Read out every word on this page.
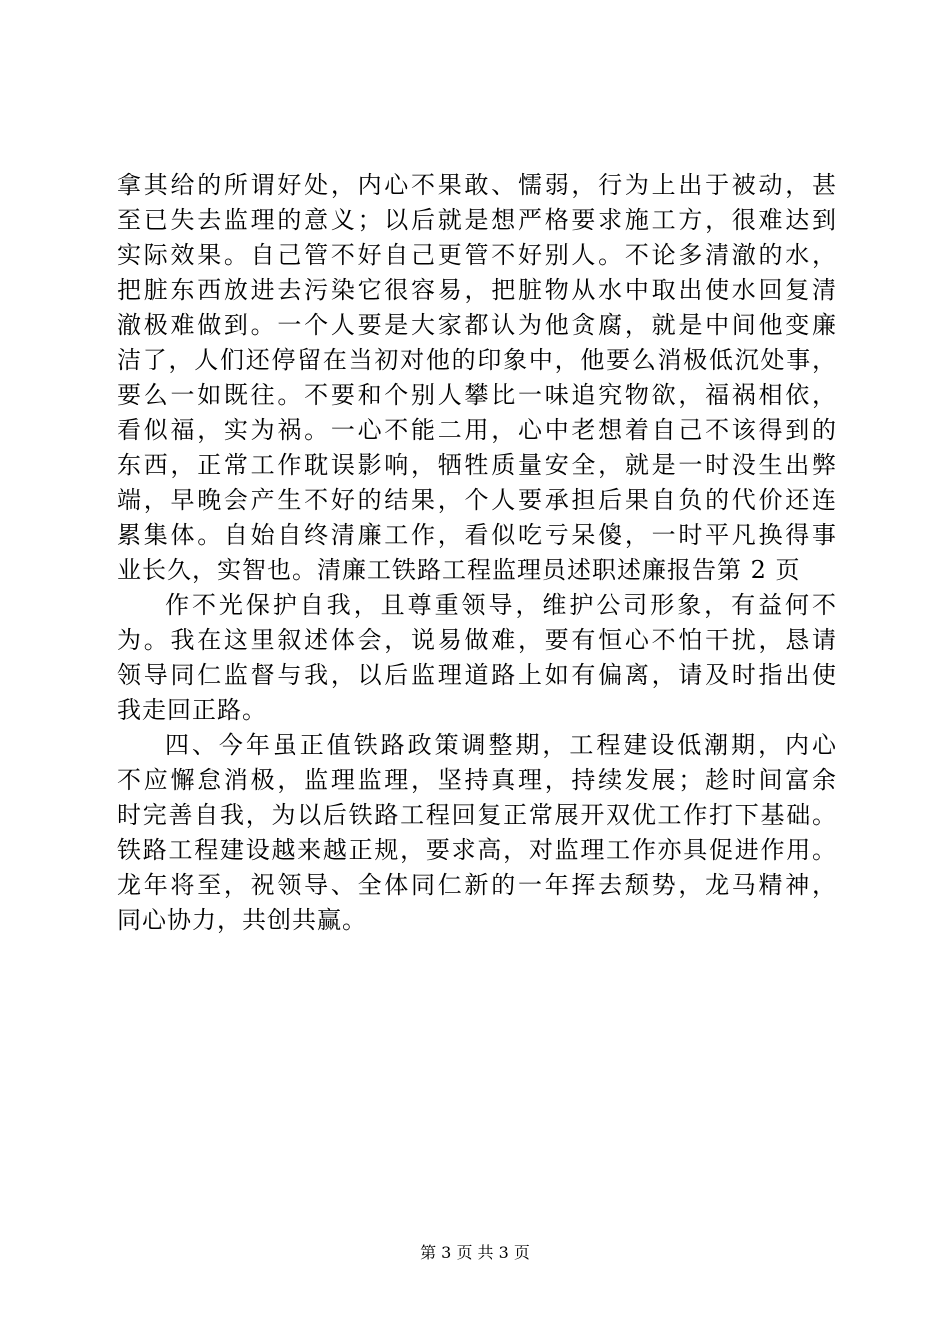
拿其给的所谓好处，内心不果敢、懦弱，行为上出于被动，甚
至已失去监理的意义；以后就是想严格要求施工方，很难达到
实际效果。自己管不好自己更管不好别人。不论多清澈的水，
把脏东西放进去污染它很容易，把脏物从水中取出使水回复清
澈极难做到。一个人要是大家都认为他贪腐，就是中间他变廉
洁了，人们还停留在当初对他的印象中，他要么消极低沉处事，
要么一如既往。不要和个别人攀比一味追究物欲，福祸相依，
看似福，实为祸。一心不能二用，心中老想着自己不该得到的
东西，正常工作耽误影响，牺牲质量安全，就是一时没生出弊
端，早晚会产生不好的结果，个人要承担后果自负的代价还连
累集体。自始自终清廉工作，看似吃亏呆傻，一时平凡换得事
业长久，实智也。清廉工铁路工程监理员述职述廉报告第 2 页
作不光保护自我，且尊重领导，维护公司形象，有益何不
为。我在这里叙述体会，说易做难，要有恒心不怕干扰，恳请
领导同仁监督与我，以后监理道路上如有偏离，请及时指出使
我走回正路。
四、今年虽正值铁路政策调整期，工程建设低潮期，内心
不应懈怠消极，监理监理，坚持真理，持续发展；趁时间富余
时完善自我，为以后铁路工程回复正常展开双优工作打下基础。
铁路工程建设越来越正规，要求高，对监理工作亦具促进作用。
龙年将至，祝领导、全体同仁新的一年挥去颓势，龙马精神，
同心协力，共创共赢。
第 3 页 共 3 页
